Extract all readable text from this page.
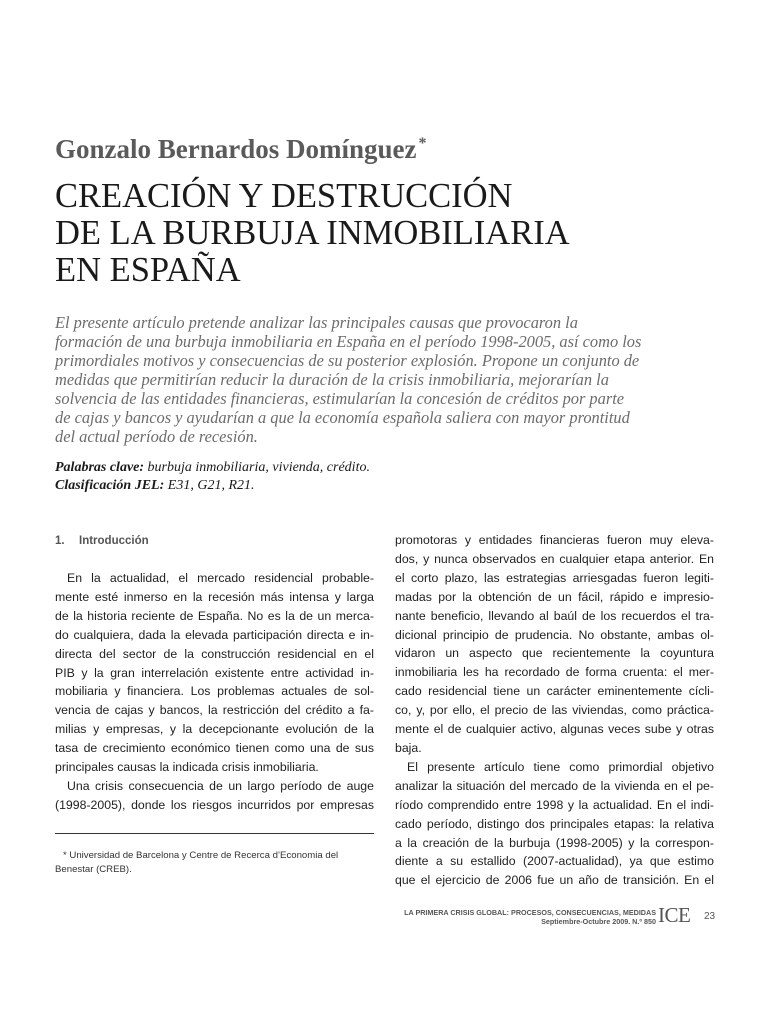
Gonzalo Bernardos Domínguez *
CREACIÓN Y DESTRUCCIÓN
DE LA BURBUJA INMOBILIARIA
EN ESPAÑA

El presente artículo pretende analizar las principales causas que provocaron la
formación de una burbuja inmobiliaria en España en el período 1998-2005, así como los
primordiales motivos y consecuencias de su posterior explosión. Propone un conjunto de
medidas que permitirían reducir la duración de la crisis inmobiliaria, mejorarían la
solvencia de las entidades financieras, estimularían la concesión de créditos por parte
de cajas y bancos y ayudarían a que la economía española saliera con mayor prontitud
del actual período de recesión.

Palabras clave: burbuja inmobiliaria, vivienda, crédito.
Clasificación JEL: E31, G21, R21.
1. Introducción
En la actualidad, el mercado residencial probable-
mente esté inmerso en la recesión más intensa y larga
de la historia reciente de España. No es la de un merca-
do cualquiera, dada la elevada participación directa e in-
directa del sector de la construcción residencial en el
PIB y la gran interrelación existente entre actividad in-
mobiliaria y financiera. Los problemas actuales de sol-
vencia de cajas y bancos, la restricción del crédito a fa-
milias y empresas, y la decepcionante evolución de la
tasa de crecimiento económico tienen como una de sus
principales causas la indicada crisis inmobiliaria.
Una crisis consecuencia de un largo período de auge
(1998-2005), donde los riesgos incurridos por empresas
promotoras y entidades financieras fueron muy eleva-
dos, y nunca observados en cualquier etapa anterior. En
el corto plazo, las estrategias arriesgadas fueron legiti-
madas por la obtención de un fácil, rápido e impresio-
nante beneficio, llevando al baúl de los recuerdos el tra-
dicional principio de prudencia. No obstante, ambas ol-
vidaron un aspecto que recientemente la coyuntura
inmobiliaria les ha recordado de forma cruenta: el mer-
cado residencial tiene un carácter eminentemente cícli-
co, y, por ello, el precio de las viviendas, como práctica-
mente el de cualquier activo, algunas veces sube y otras
baja.
El presente artículo tiene como primordial objetivo
analizar la situación del mercado de la vivienda en el pe-
ríodo comprendido entre 1998 y la actualidad. En el indi-
cado período, distingo dos principales etapas: la relativa
a la creación de la burbuja (1998-2005) y la correspon-
diente a su estallido (2007-actualidad), ya que estimo
que el ejercicio de 2006 fue un año de transición. En el
* Universidad de Barcelona y Centre de Recerca d’Economia del
Benestar (CREB).
LA PRIMERA CRISIS GLOBAL: PROCESOS, CONSECUENCIAS, MEDIDAS
Septiembre-Octubre 2009. N.º 850 ICE 23
